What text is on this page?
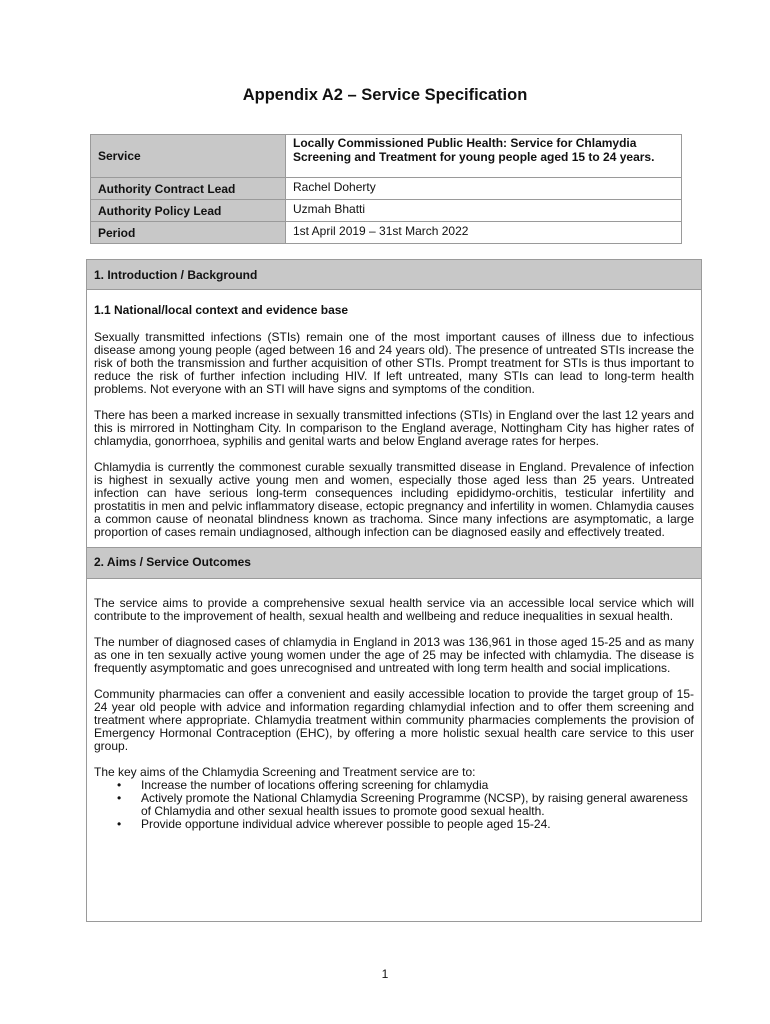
Appendix A2 – Service Specification
Service	Locally Commissioned Public Health: Service for Chlamydia Screening and Treatment for young people aged 15 to 24 years.
Authority Contract Lead	Rachel Doherty
Authority Policy Lead	Uzmah Bhatti
Period	1st April 2019 – 31st March 2022
1. Introduction / Background
1.1 National/local context and evidence base

Sexually transmitted infections (STIs) remain one of the most important causes of illness due to infectious disease among young people (aged between 16 and 24 years old). The presence of untreated STIs increase the risk of both the transmission and further acquisition of other STIs. Prompt treatment for STIs is thus important to reduce the risk of further infection including HIV. If left untreated, many STIs can lead to long-term health problems. Not everyone with an STI will have signs and symptoms of the condition.

There has been a marked increase in sexually transmitted infections (STIs) in England over the last 12 years and this is mirrored in Nottingham City. In comparison to the England average, Nottingham City has higher rates of chlamydia, gonorrhoea, syphilis and genital warts and below England average rates for herpes.

Chlamydia is currently the commonest curable sexually transmitted disease in England. Prevalence of infection is highest in sexually active young men and women, especially those aged less than 25 years. Untreated infection can have serious long-term consequences including epididymo-orchitis, testicular infertility and prostatitis in men and pelvic inflammatory disease, ectopic pregnancy and infertility in women. Chlamydia causes a common cause of neonatal blindness known as trachoma. Since many infections are asymptomatic, a large proportion of cases remain undiagnosed, although infection can be diagnosed easily and effectively treated.

2. Aims / Service Outcomes

The service aims to provide a comprehensive sexual health service via an accessible local service which will contribute to the improvement of health, sexual health and wellbeing and reduce inequalities in sexual health.

The number of diagnosed cases of chlamydia in England in 2013 was 136,961 in those aged 15-25 and as many as one in ten sexually active young women under the age of 25 may be infected with chlamydia. The disease is frequently asymptomatic and goes unrecognised and untreated with long term health and social implications.

Community pharmacies can offer a convenient and easily accessible location to provide the target group of 15-24 year old people with advice and information regarding chlamydial infection and to offer them screening and treatment where appropriate. Chlamydia treatment within community pharmacies complements the provision of Emergency Hormonal Contraception (EHC), by offering a more holistic sexual health care service to this user group.

The key aims of the Chlamydia Screening and Treatment service are to:
• Increase the number of locations offering screening for chlamydia
• Actively promote the National Chlamydia Screening Programme (NCSP), by raising general awareness of Chlamydia and other sexual health issues to promote good sexual health.
• Provide opportune individual advice wherever possible to people aged 15-24.
1
